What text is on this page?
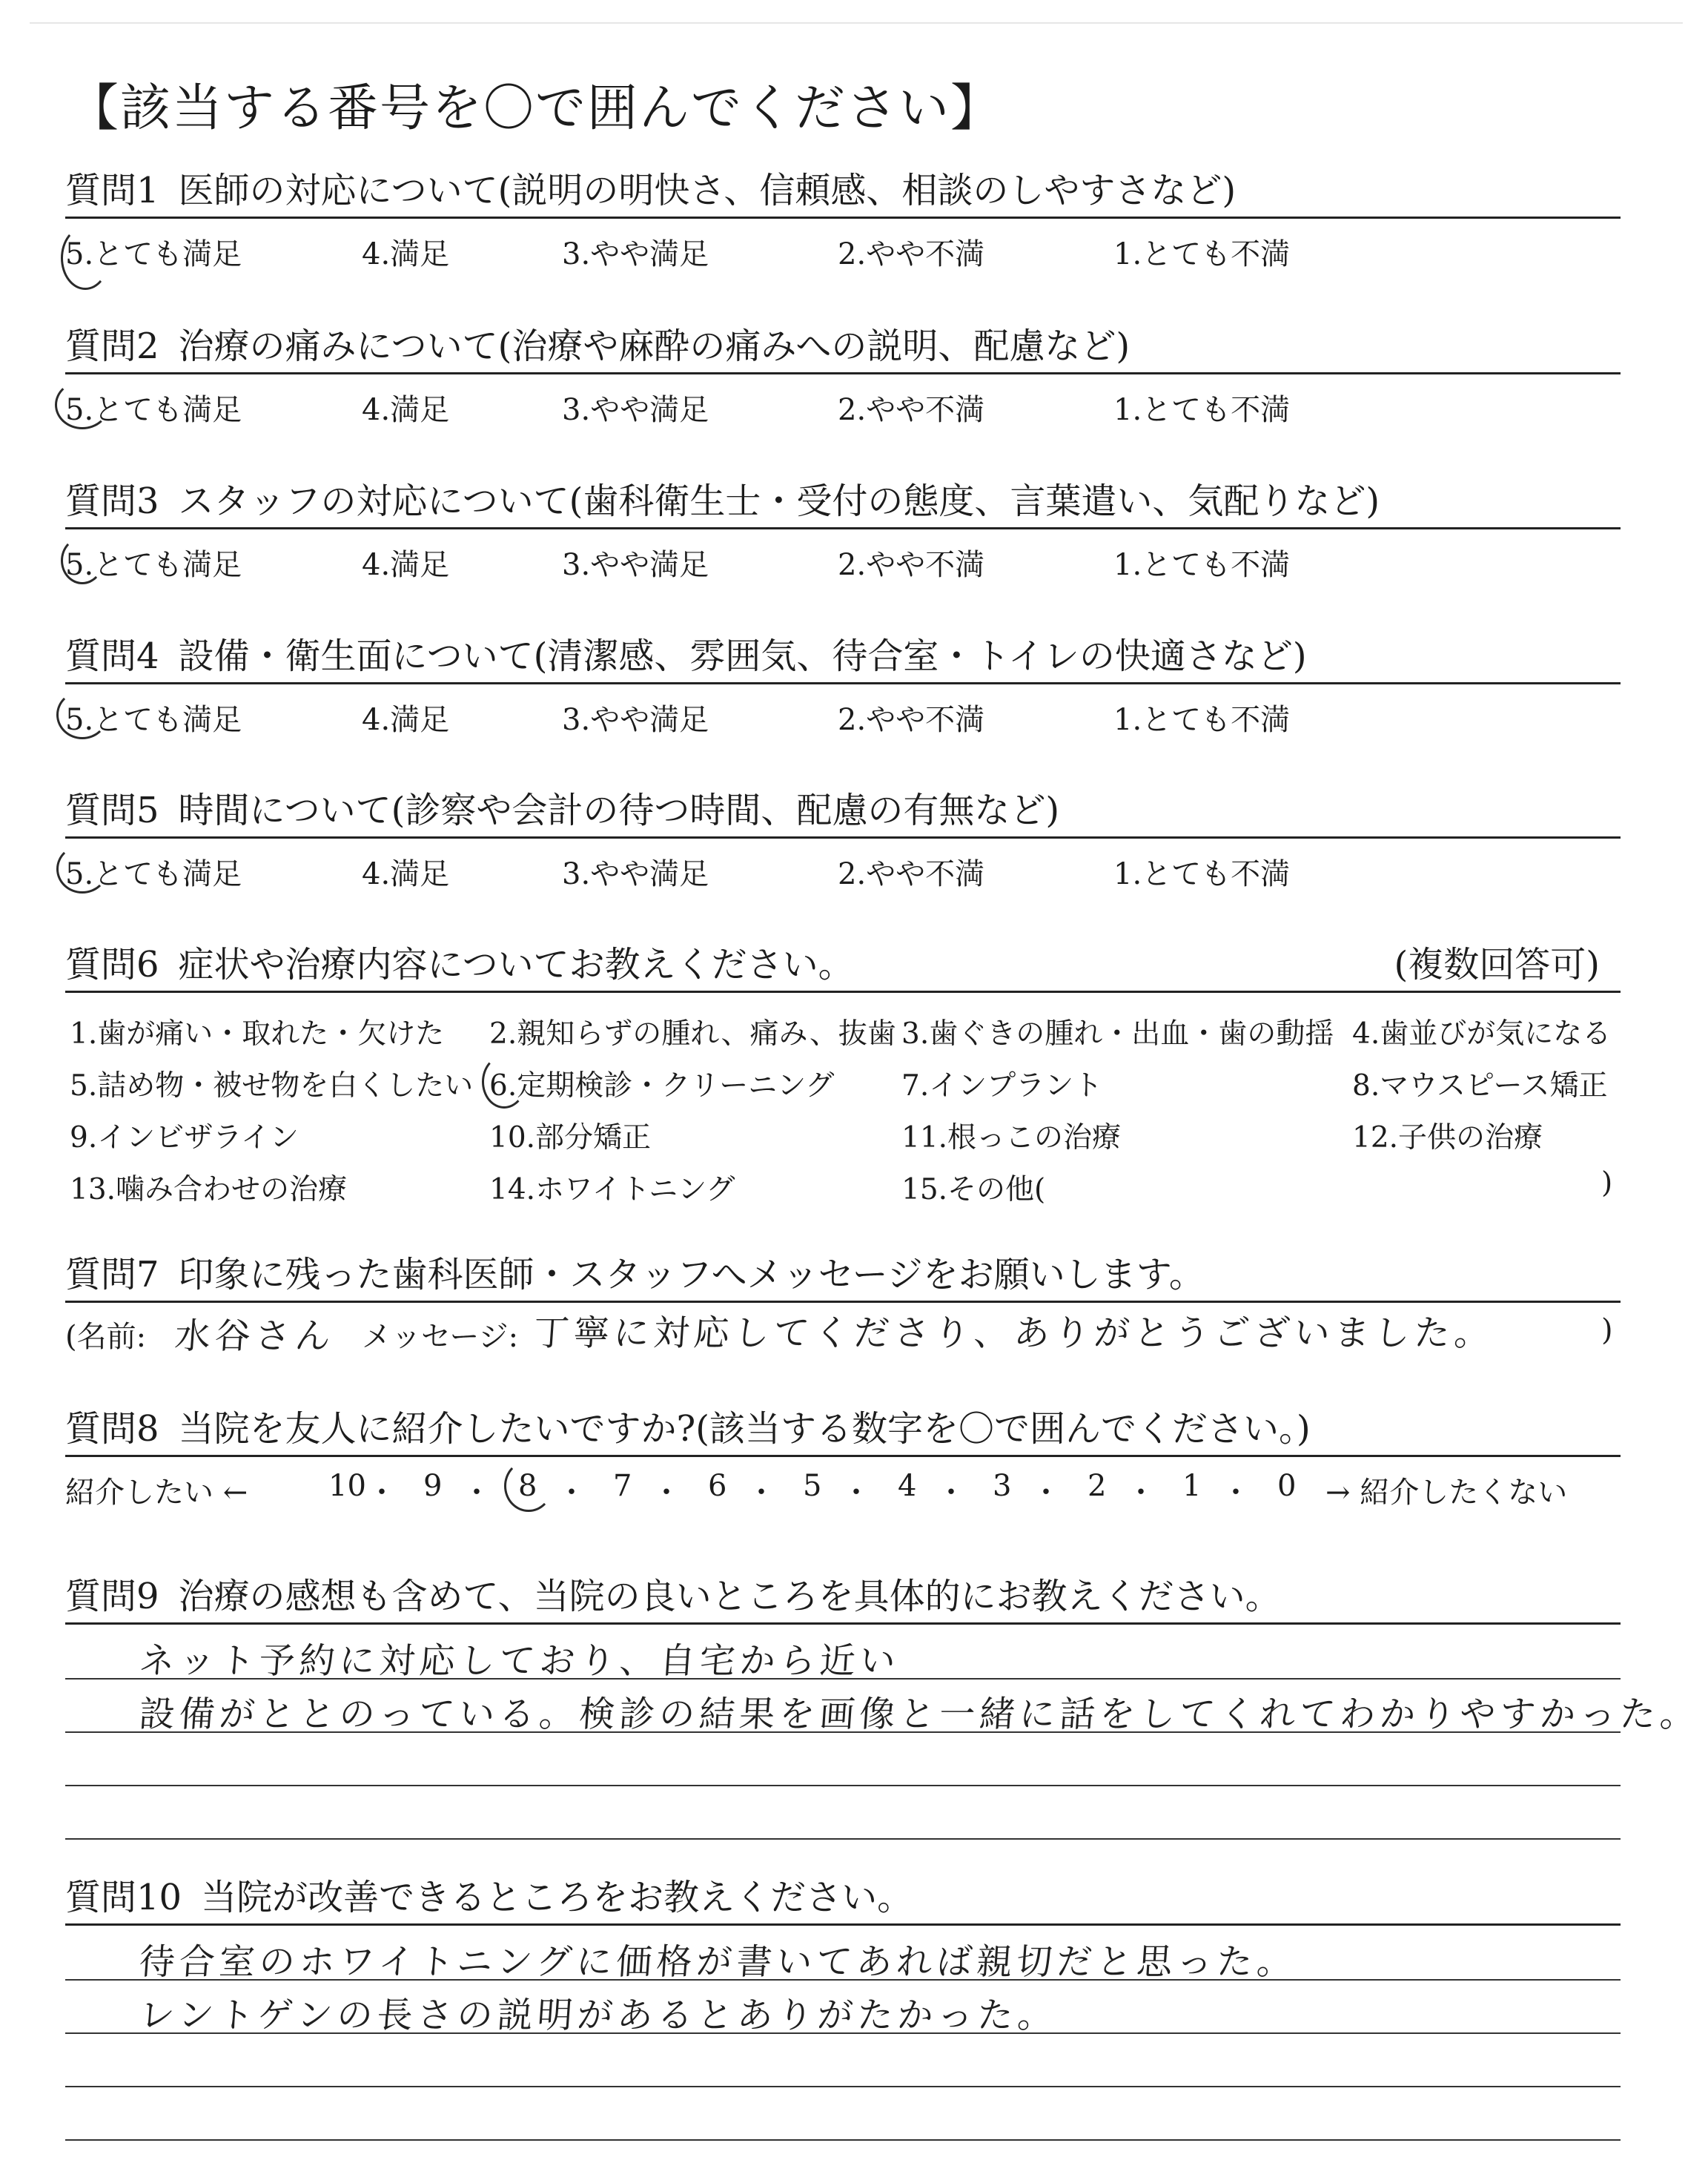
【該当する番号を〇で囲んでください】
質問1 医師の対応について(説明の明快さ、信頼感、相談のしやすさなど)
5.とても満足	4.満足	3.やや満足	2.やや不満	1.とても不満
質問2 治療の痛みについて(治療や麻酔の痛みへの説明、配慮など)
5.とても満足	4.満足	3.やや満足	2.やや不満	1.とても不満
質問3 スタッフの対応について(歯科衛生士・受付の態度、言葉遣い、気配りなど)
5.とても満足	4.満足	3.やや満足	2.やや不満	1.とても不満
質問4 設備・衛生面について(清潔感、雰囲気、待合室・トイレの快適さなど)
5.とても満足	4.満足	3.やや満足	2.やや不満	1.とても不満
質問5 時間について(診察や会計の待つ時間、配慮の有無など)
5.とても満足	4.満足	3.やや満足	2.やや不満	1.とても不満
質問6 症状や治療内容についてお教えください。	(複数回答可)
1.歯が痛い・取れた・欠けた 2.親知らずの腫れ、痛み、抜歯 3.歯ぐきの腫れ・出血・歯の動揺 4.歯並びが気になる
5.詰め物・被せ物を白くしたい 6.定期検診・クリーニング 7.インプラント	8.マウスピース矯正
9.インビザライン	10.部分矯正	11.根っこの治療	12.子供の治療
13.噛み合わせの治療	14.ホワイトニング	15.その他(	)
質問7 印象に残った歯科医師・スタッフへメッセージをお願いします。
(名前: 水谷さん メッセージ: 丁寧に対応してくださり、ありがとうございました。	)
質問8 当院を友人に紹介したいですか?(該当する数字を〇で囲んでください。)
紹介したい ←	→ 紹介したくない
10 ・ 9 ・ 8 ・ 7 ・ 6 ・ 5 ・ 4 ・ 3 ・ 2 ・ 1 ・ 0
質問9 治療の感想も含めて、当院の良いところを具体的にお教えください。
ネット予約に対応しており、自宅から近い
設備がととのっている。検診の結果を画像と一緒に話をしてくれてわかりやすかった。
質問10 当院が改善できるところをお教えください。
待合室のホワイトニングに価格が書いてあれば親切だと思った。
レントゲンの長さの説明があるとありがたかった。
